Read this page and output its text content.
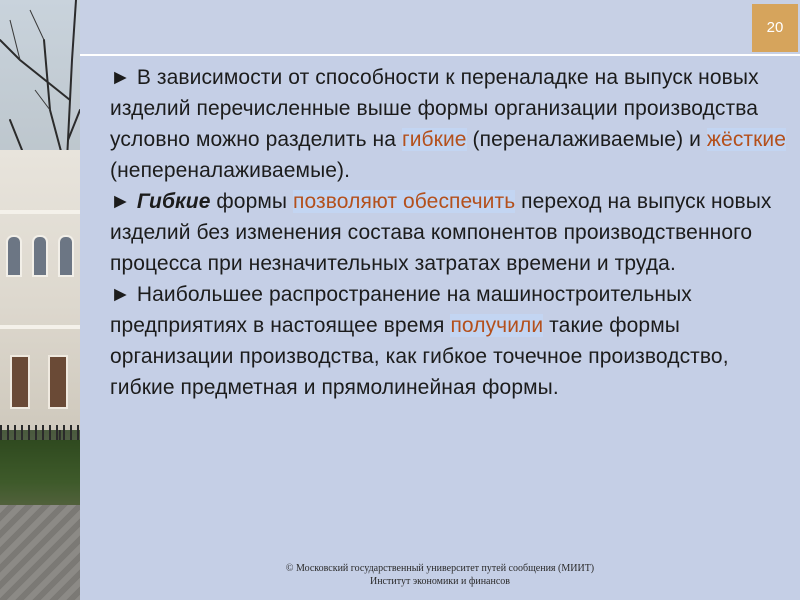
20

► В зависимости от способности к переналадке на выпуск новых изделий перечисленные выше формы организации производства условно можно разделить на гибкие (переналаживаемые) и жёсткие (непереналаживаемые).

► Гибкие формы позволяют обеспечить переход на выпуск новых изделий без изменения состава компонентов производственного процесса при незначительных затратах времени и труда.

► Наибольшее распространение на машиностроительных предприятиях в настоящее время получили такие формы организации производства, как гибкое точечное производство, гибкие предметная и прямолинейная формы.

© Московский государственный университет путей сообщения (МИИТ)
Институт экономики и финансов
